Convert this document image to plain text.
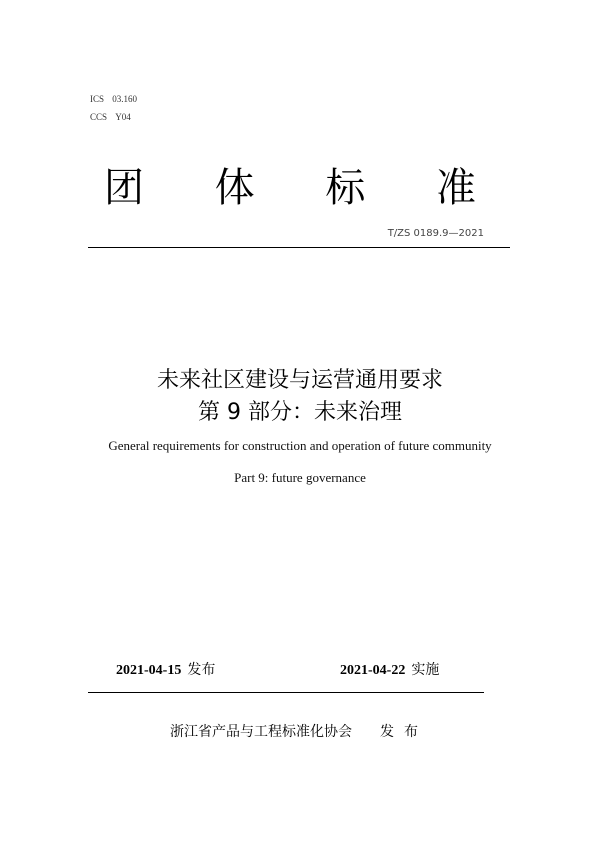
ICS 03.160
CCS Y04
团 体 标 准
T/ZS 0189.9—2021
未来社区建设与运营通用要求
第 9 部分：未来治理
General requirements for construction and operation of future community
Part 9: future governance
2021-04-15 发布	2021-04-22 实施
浙江省产品与工程标准化协会 发布
